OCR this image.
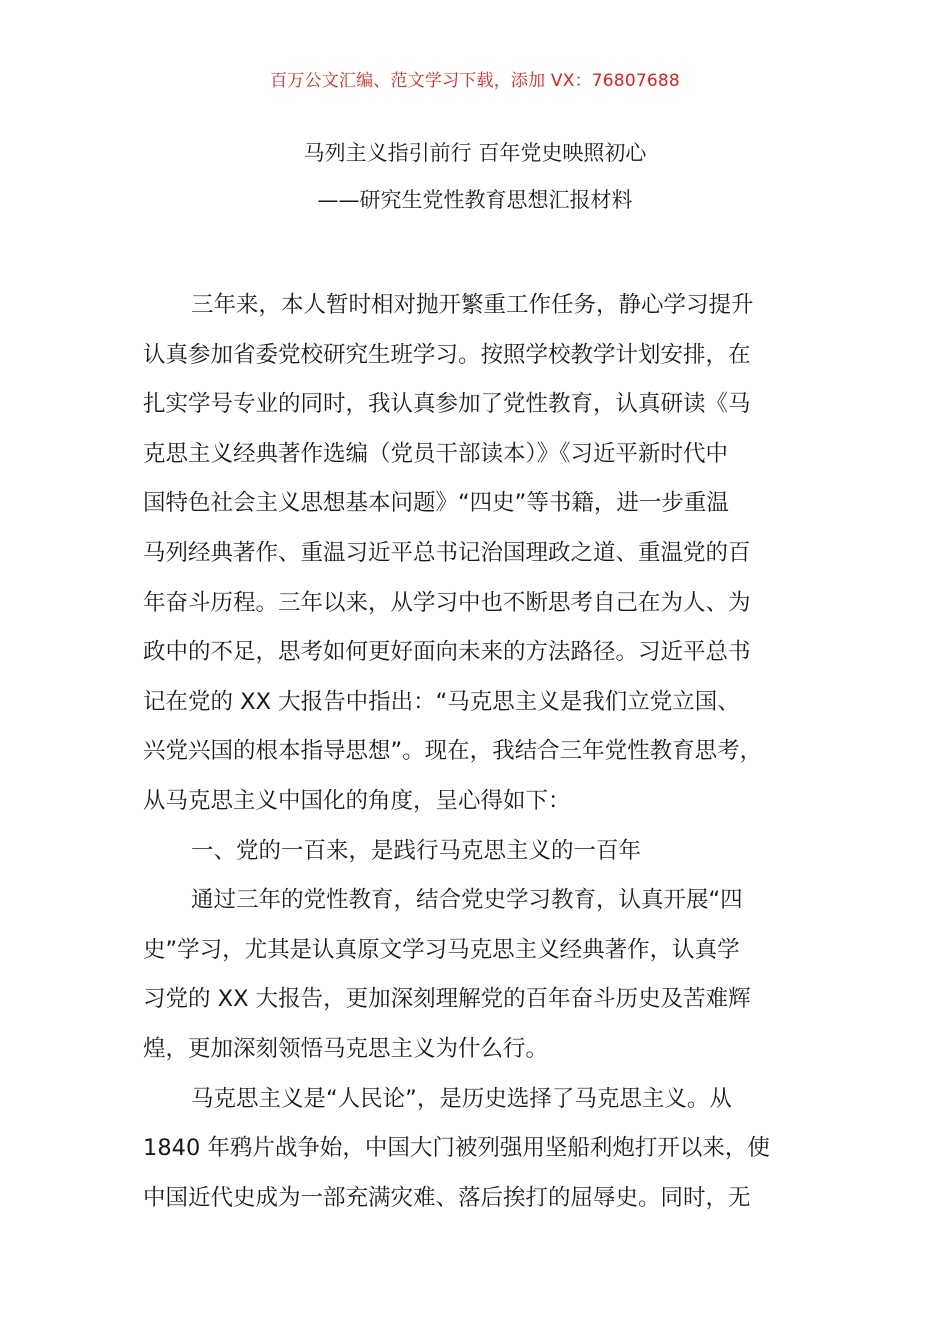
百万公文汇编、范文学习下载，添加 VX：76807688
马列主义指引前行 百年党史映照初心
——研究生党性教育思想汇报材料
三年来，本人暂时相对抛开繁重工作任务，静心学习提升
认真参加省委党校研究生班学习。按照学校教学计划安排，在
扎实学号专业的同时，我认真参加了党性教育，认真研读《马
克思主义经典著作选编（党员干部读本）》《习近平新时代中
国特色社会主义思想基本问题》“四史”等书籍，进一步重温
马列经典著作、重温习近平总书记治国理政之道、重温党的百
年奋斗历程。三年以来，从学习中也不断思考自己在为人、为
政中的不足，思考如何更好面向未来的方法路径。习近平总书
记在党的 XX 大报告中指出：“马克思主义是我们立党立国、
兴党兴国的根本指导思想”。现在，我结合三年党性教育思考，
从马克思主义中国化的角度，呈心得如下：
一、党的一百来，是践行马克思主义的一百年
通过三年的党性教育，结合党史学习教育，认真开展“四
史”学习，尤其是认真原文学习马克思主义经典著作，认真学
习党的 XX 大报告，更加深刻理解党的百年奋斗历史及苦难辉
煌，更加深刻领悟马克思主义为什么行。
马克思主义是“人民论”，是历史选择了马克思主义。从
1840 年鸦片战争始，中国大门被列强用坚船利炮打开以来，使
中国近代史成为一部充满灾难、落后挨打的屈辱史。同时，无
